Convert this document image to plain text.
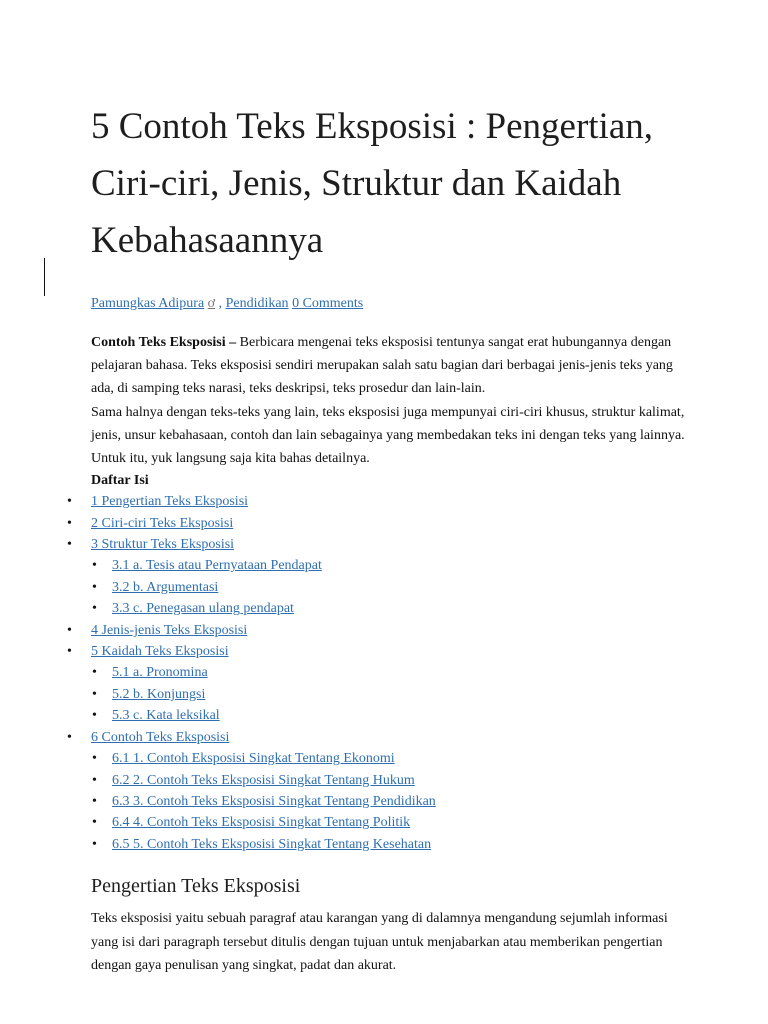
5 Contoh Teks Eksposisi : Pengertian, Ciri-ciri, Jenis, Struktur dan Kaidah Kebahasaannya
Pamungkas Adipura ơ , Pendidikan 0 Comments

Contoh Teks Eksposisi – Berbicara mengenai teks eksposisi tentunya sangat erat hubungannya dengan pelajaran bahasa. Teks eksposisi sendiri merupakan salah satu bagian dari berbagai jenis-jenis teks yang ada, di samping teks narasi, teks deskripsi, teks prosedur dan lain-lain.

Sama halnya dengan teks-teks yang lain, teks eksposisi juga mempunyai ciri-ciri khusus, struktur kalimat, jenis, unsur kebahasaan, contoh dan lain sebagainya yang membedakan teks ini dengan teks yang lainnya. Untuk itu, yuk langsung saja kita bahas detailnya.

Daftar Isi
• 1 Pengertian Teks Eksposisi
• 2 Ciri-ciri Teks Eksposisi
• 3 Struktur Teks Eksposisi
• 3.1 a. Tesis atau Pernyataan Pendapat
• 3.2 b. Argumentasi
• 3.3 c. Penegasan ulang pendapat
• 4 Jenis-jenis Teks Eksposisi
• 5 Kaidah Teks Eksposisi
• 5.1 a. Pronomina
• 5.2 b. Konjungsi
• 5.3 c. Kata leksikal
• 6 Contoh Teks Eksposisi
• 6.1 1. Contoh Eksposisi Singkat Tentang Ekonomi
• 6.2 2. Contoh Teks Eksposisi Singkat Tentang Hukum
• 6.3 3. Contoh Teks Eksposisi Singkat Tentang Pendidikan
• 6.4 4. Contoh Teks Eksposisi Singkat Tentang Politik
• 6.5 5. Contoh Teks Eksposisi Singkat Tentang Kesehatan
Pengertian Teks Eksposisi
Teks eksposisi yaitu sebuah paragraf atau karangan yang di dalamnya mengandung sejumlah informasi yang isi dari paragraph tersebut ditulis dengan tujuan untuk menjabarkan atau memberikan pengertian dengan gaya penulisan yang singkat, padat dan akurat.
